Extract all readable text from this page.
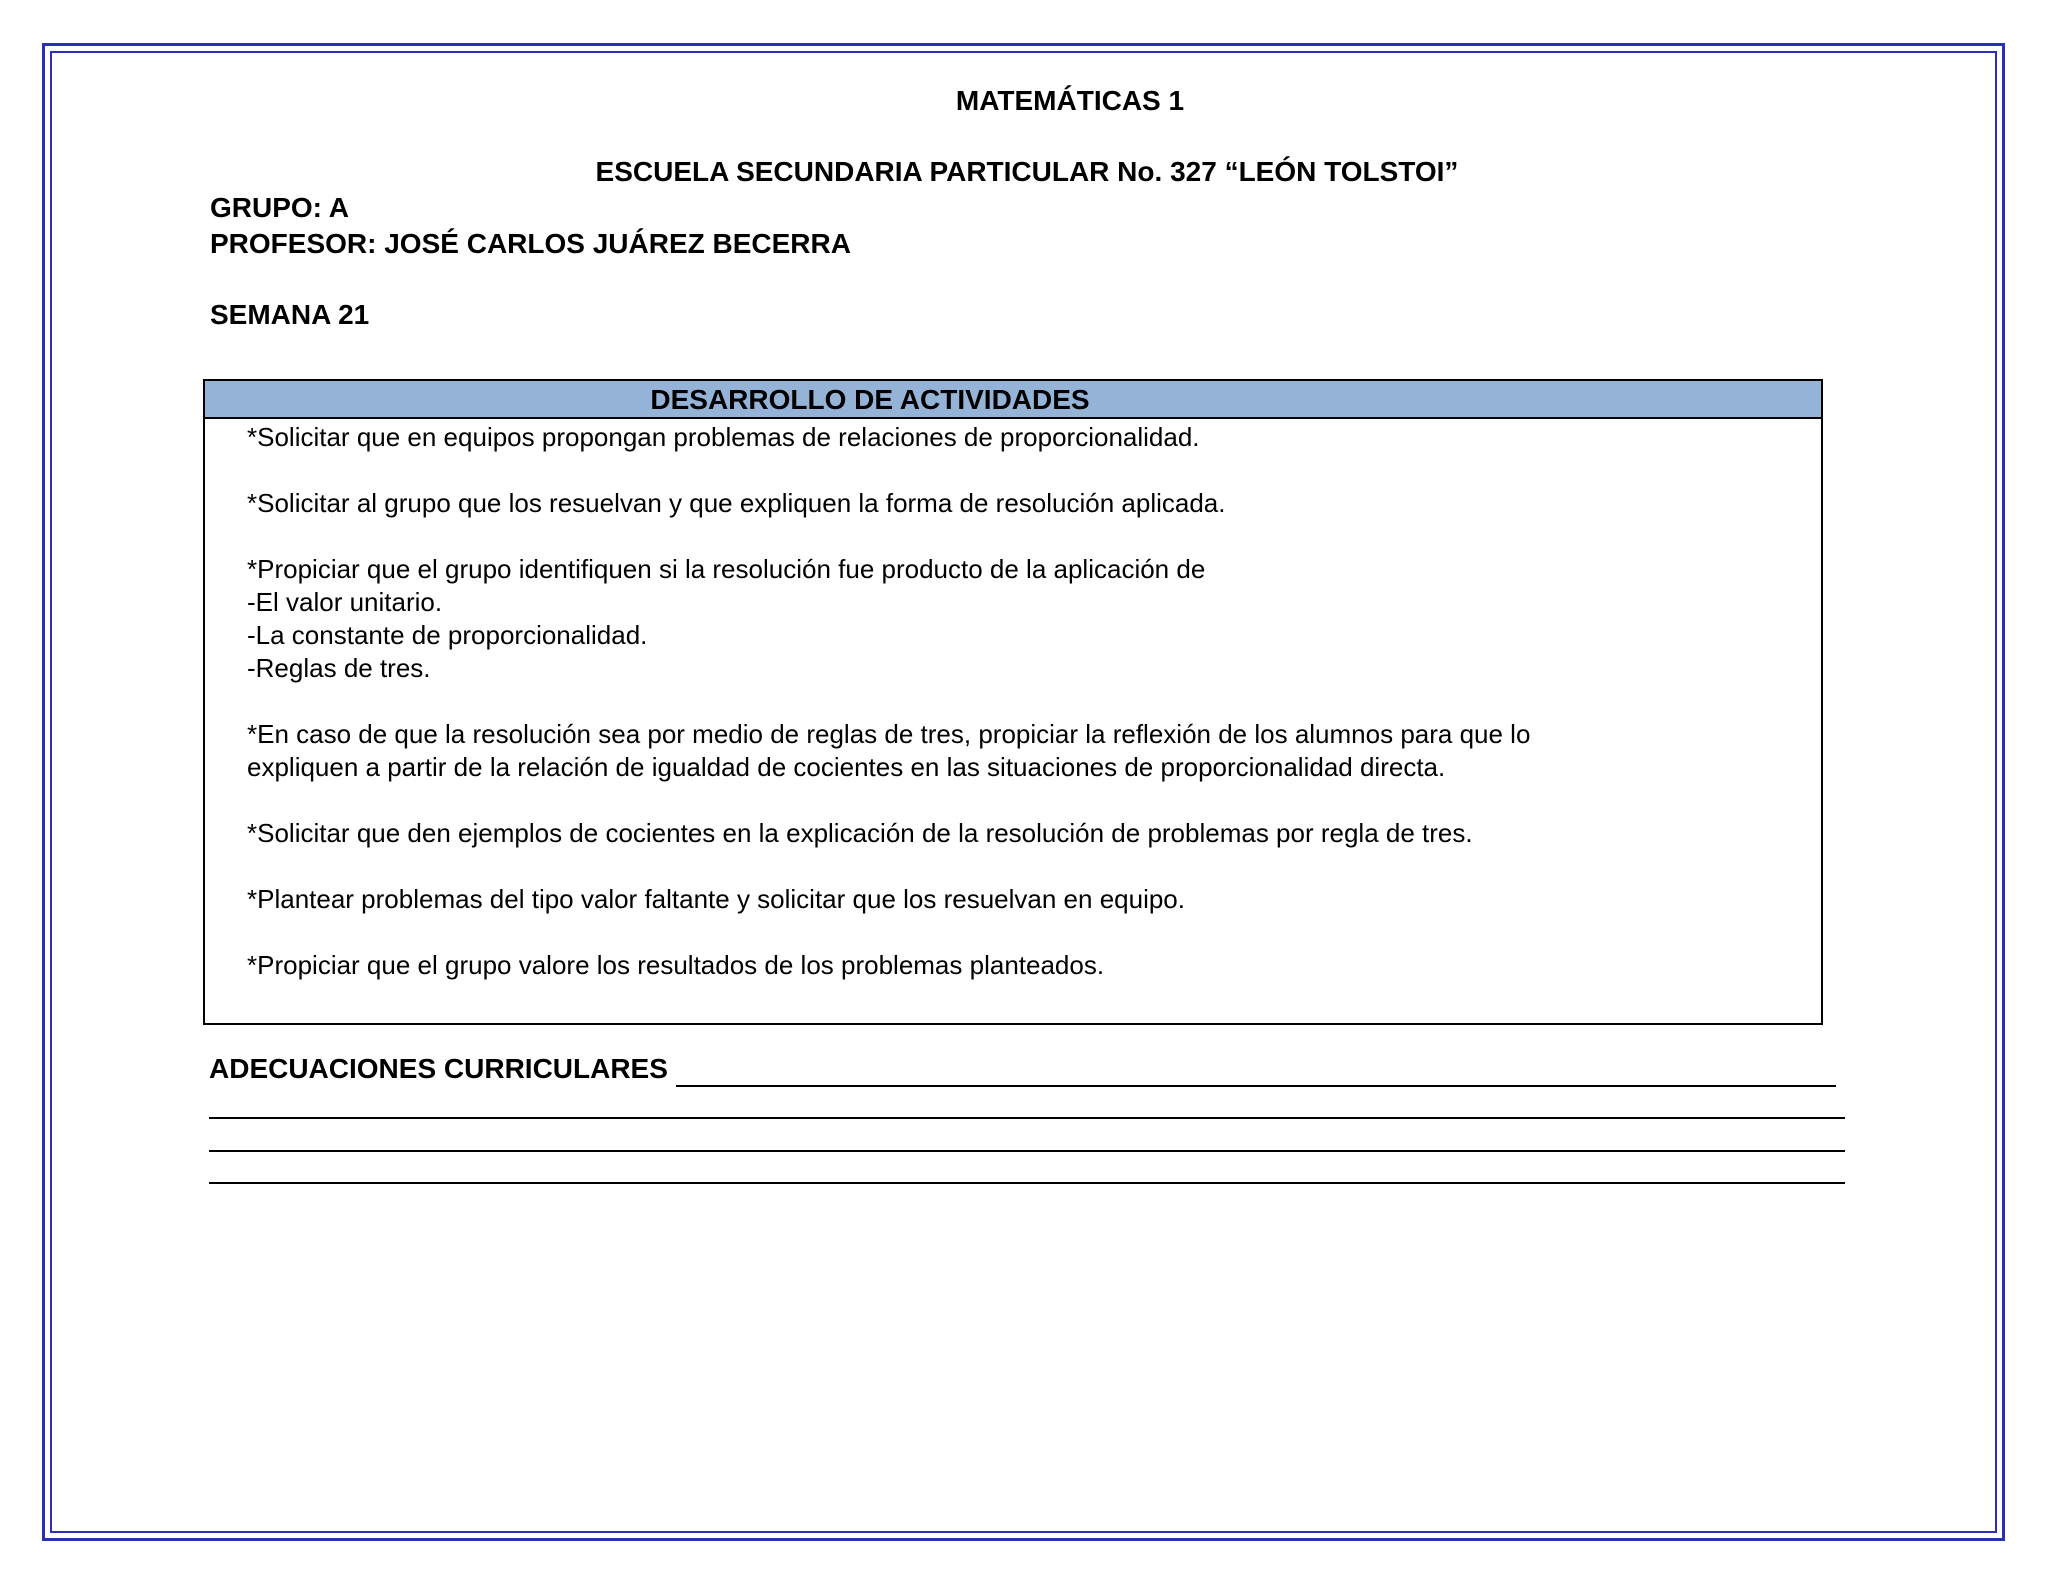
MATEMÁTICAS 1
ESCUELA SECUNDARIA PARTICULAR No. 327 “LEÓN TOLSTOI”
GRUPO: A
PROFESOR: JOSÉ CARLOS JUÁREZ BECERRA
SEMANA 21
DESARROLLO DE ACTIVIDADES
*Solicitar que en equipos propongan problemas de relaciones de proporcionalidad.
*Solicitar al grupo que los resuelvan y que expliquen la forma de resolución aplicada.
*Propiciar que el grupo identifiquen si la resolución fue producto de la aplicación de
-El valor unitario.
-La constante de proporcionalidad.
-Reglas de tres.
*En caso de que la resolución sea por medio de reglas de tres, propiciar la reflexión de los alumnos para que lo
expliquen a partir de la relación de igualdad de cocientes en las situaciones de proporcionalidad directa.
*Solicitar que den ejemplos de cocientes en la explicación de la resolución de problemas por regla de tres.
*Plantear problemas del tipo valor faltante y solicitar que los resuelvan en equipo.
*Propiciar que el grupo valore los resultados de los problemas planteados.
ADECUACIONES CURRICULARES
